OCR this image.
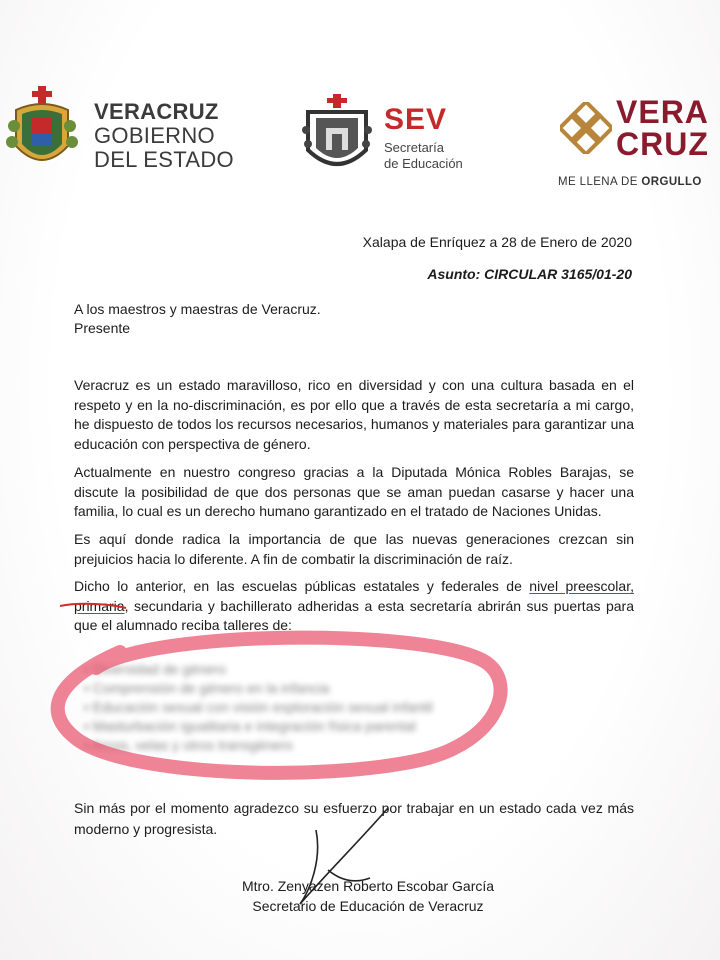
VERACRUZ
GOBIERNO
DEL ESTADO
SEV
Secretaría
de Educación
VERA
CRUZ
ME LLENA DE ORGULLO
Xalapa de Enríquez a 28 de Enero de 2020
Asunto: CIRCULAR 3165/01-20
A los maestros y maestras de Veracruz.
Presente
Veracruz es un estado maravilloso, rico en diversidad y con una cultura basada en el respeto y en la no-discriminación, es por ello que a través de esta secretaría a mi cargo, he dispuesto de todos los recursos necesarios, humanos y materiales para garantizar una educación con perspectiva de género.
Actualmente en nuestro congreso gracias a la Diputada Mónica Robles Barajas, se discute la posibilidad de que dos personas que se aman puedan casarse y hacer una familia, lo cual es un derecho humano garantizado en el tratado de Naciones Unidas.
Es aquí donde radica la importancia de que las nuevas generaciones crezcan sin prejuicios hacia lo diferente. A fin de combatir la discriminación de raíz.
Dicho lo anterior, en las escuelas públicas estatales y federales de nivel preescolar, primaria, secundaria y bachillerato adheridas a esta secretaría abrirán sus puertas para que el alumnado reciba talleres de:
• Diversidad de género
• Comprensión de género en la infancia
• Educación sexual con visión exploración sexual infantil
• Masturbación igualitaria e integración física parental
• Arcos, velas y otros transgénero
Sin más por el momento agradezco su esfuerzo por trabajar en un estado cada vez más moderno y progresista.
Mtro. Zenyazen Roberto Escobar García
Secretario de Educación de Veracruz
